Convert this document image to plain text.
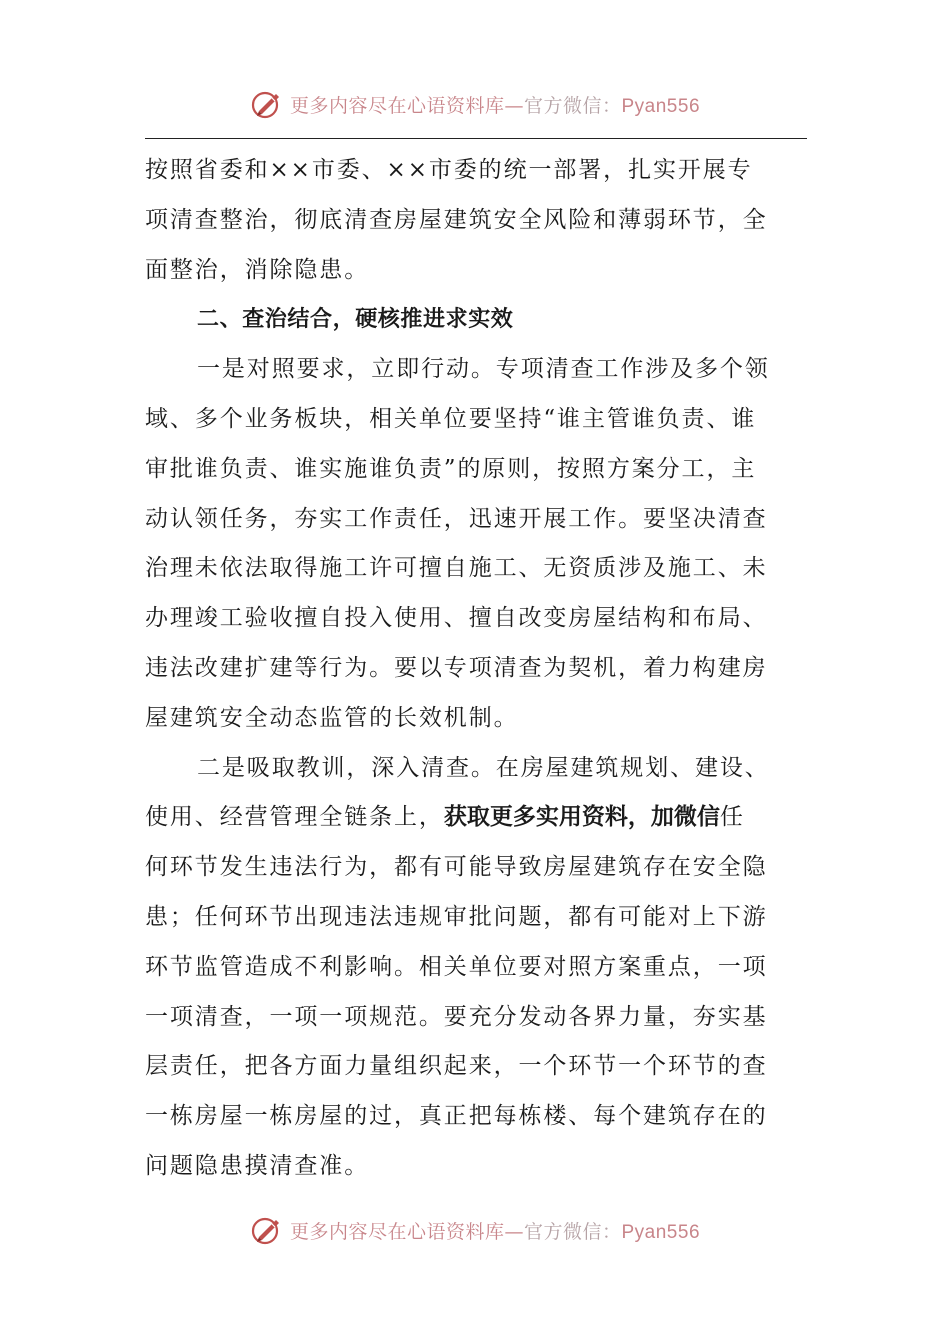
更多内容尽在心语资料库—官方微信：Pyan556
按照省委和××市委、××市委的统一部署，扎实开展专
项清查整治，彻底清查房屋建筑安全风险和薄弱环节，全
面整治，消除隐患。
二、查治结合，硬核推进求实效
一是对照要求，立即行动。专项清查工作涉及多个领
域、多个业务板块，相关单位要坚持“谁主管谁负责、谁
审批谁负责、谁实施谁负责”的原则，按照方案分工，主
动认领任务，夯实工作责任，迅速开展工作。要坚决清查
治理未依法取得施工许可擅自施工、无资质涉及施工、未
办理竣工验收擅自投入使用、擅自改变房屋结构和布局、
违法改建扩建等行为。要以专项清查为契机，着力构建房
屋建筑安全动态监管的长效机制。
二是吸取教训，深入清查。在房屋建筑规划、建设、
使用、经营管理全链条上，获取更多实用资料，加微信任
何环节发生违法行为，都有可能导致房屋建筑存在安全隐
患；任何环节出现违法违规审批问题，都有可能对上下游
环节监管造成不利影响。相关单位要对照方案重点，一项
一项清查，一项一项规范。要充分发动各界力量，夯实基
层责任，把各方面力量组织起来，一个环节一个环节的查
一栋房屋一栋房屋的过，真正把每栋楼、每个建筑存在的
问题隐患摸清查准。
更多内容尽在心语资料库—官方微信：Pyan556
